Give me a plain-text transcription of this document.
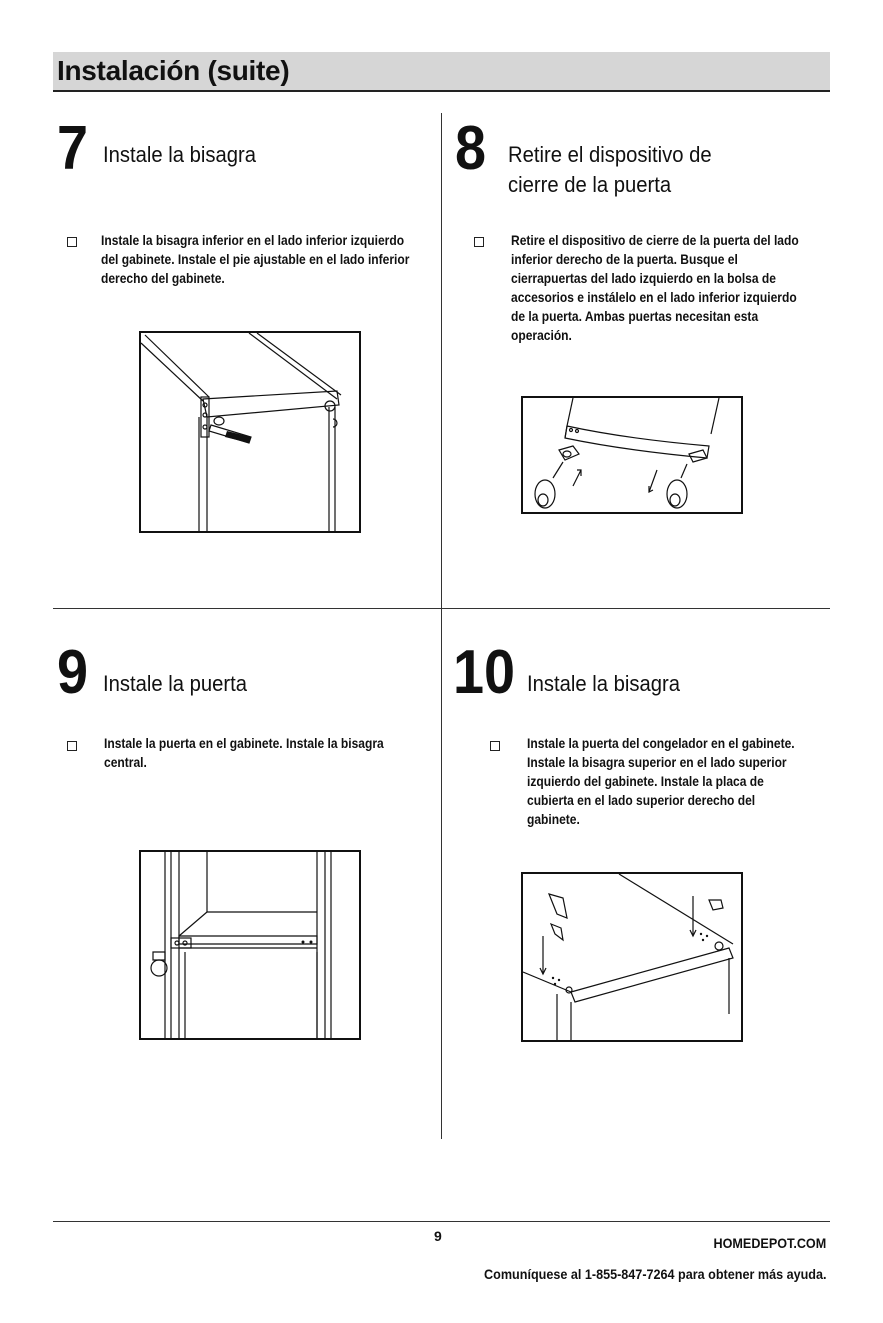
Instalación (suite)
7 Instale la bisagra
Instale la bisagra inferior en el lado inferior izquierdo del gabinete. Instale el pie ajustable en el lado inferior derecho del gabinete.
8 Retire el dispositivo de cierre de la puerta
Retire el dispositivo de cierre de la puerta del lado inferior derecho de la puerta. Busque el cierrapuertas del lado izquierdo en la bolsa de accesorios e instálelo en el lado inferior izquierdo de la puerta. Ambas puertas necesitan esta operación.
9 Instale la puerta
Instale la puerta en el gabinete. Instale la bisagra central.
10 Instale la bisagra
Instale la puerta del congelador en el gabinete. Instale la bisagra superior en el lado superior izquierdo del gabinete. Instale la placa de cubierta en el lado superior derecho del gabinete.
9	HOMEDEPOT.COM
Comuníquese al 1-855-847-7264 para obtener más ayuda.
